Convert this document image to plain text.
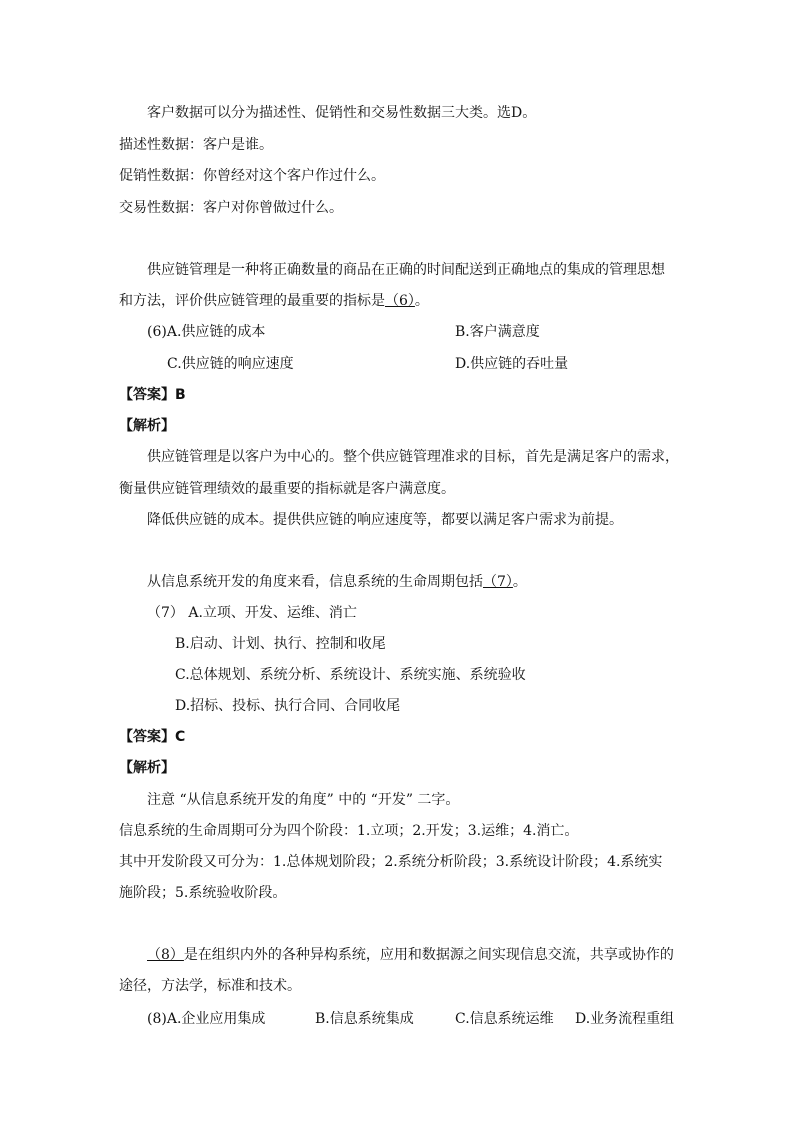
客户数据可以分为描述性、促销性和交易性数据三大类。选D。
描述性数据：客户是谁。
促销性数据：你曾经对这个客户作过什么。
交易性数据：客户对你曾做过什么。
供应链管理是一种将正确数量的商品在正确的时间配送到正确地点的集成的管理思想
和方法，评价供应链管理的最重要的指标是（6）。
(6)A.供应链的成本	B.客户满意度
C.供应链的响应速度	D.供应链的吞吐量
【答案】B
【解析】
供应链管理是以客户为中心的。整个供应链管理准求的目标，首先是满足客户的需求，
衡量供应链管理绩效的最重要的指标就是客户满意度。
降低供应链的成本。提供供应链的响应速度等，都要以满足客户需求为前提。
从信息系统开发的角度来看，信息系统的生命周期包括（7）。
（7） A.立项、开发、运维、消亡
B.启动、计划、执行、控制和收尾
C.总体规划、系统分析、系统设计、系统实施、系统验收
D.招标、投标、执行合同、合同收尾
【答案】C
【解析】
注意 “从信息系统开发的角度” 中的 “开发” 二字。
信息系统的生命周期可分为四个阶段：1.立项；2.开发；3.运维；4.消亡。
其中开发阶段又可分为：1.总体规划阶段；2.系统分析阶段；3.系统设计阶段；4.系统实
施阶段；5.系统验收阶段。
（8）是在组织内外的各种异构系统，应用和数据源之间实现信息交流，共享或协作的
途径，方法学，标准和技术。
(8)A.企业应用集成	B.信息系统集成	C.信息系统运维 D.业务流程重组
